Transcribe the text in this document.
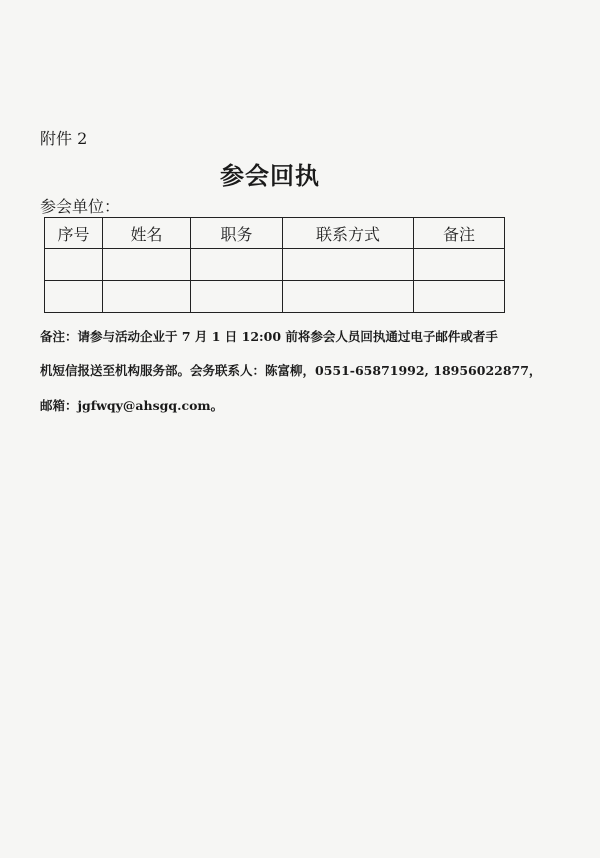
附件 2
参会回执
参会单位：
序号	姓名	职务	联系方式	备注

备注：请参与活动企业于 7 月 1 日 12:00 前将参会人员回执通过电子邮件或者手
机短信报送至机构服务部。会务联系人：陈富柳，0551-65871992, 18956022877，
邮箱：jgfwqy@ahsgq.com。
